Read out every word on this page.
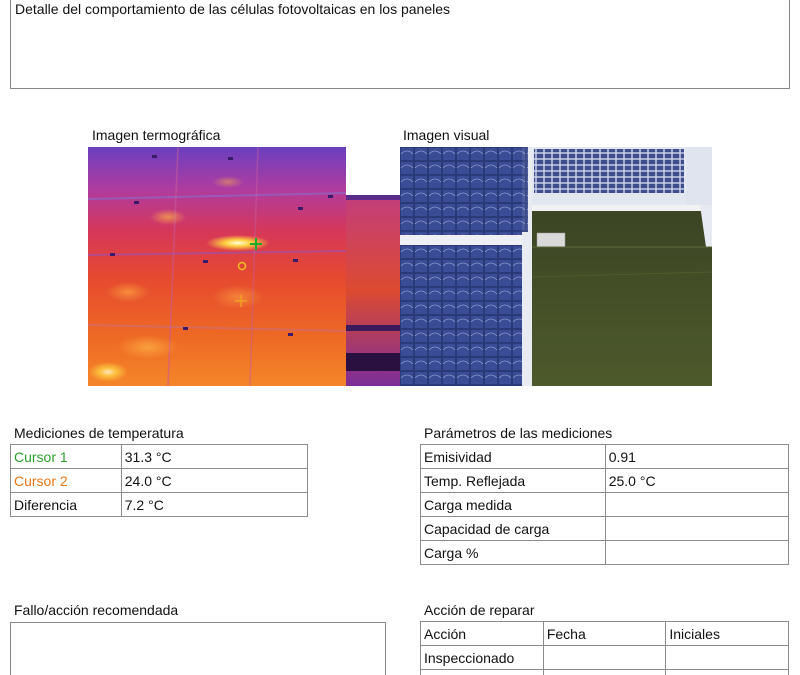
Detalle del comportamiento de las células fotovoltaicas en los paneles
Imagen termográfica	Imagen visual
Mediciones de temperatura
Cursor 1	31.3 °C
Cursor 2	24.0 °C
Diferencia	7.2 °C
Parámetros de las mediciones
Emisividad	0.91
Temp. Reflejada	25.0 °C
Carga medida	
Capacidad de carga	
Carga %	
Fallo/acción recomendada	Acción de reparar
Acción	Fecha	Iniciales
Inspeccionado		
